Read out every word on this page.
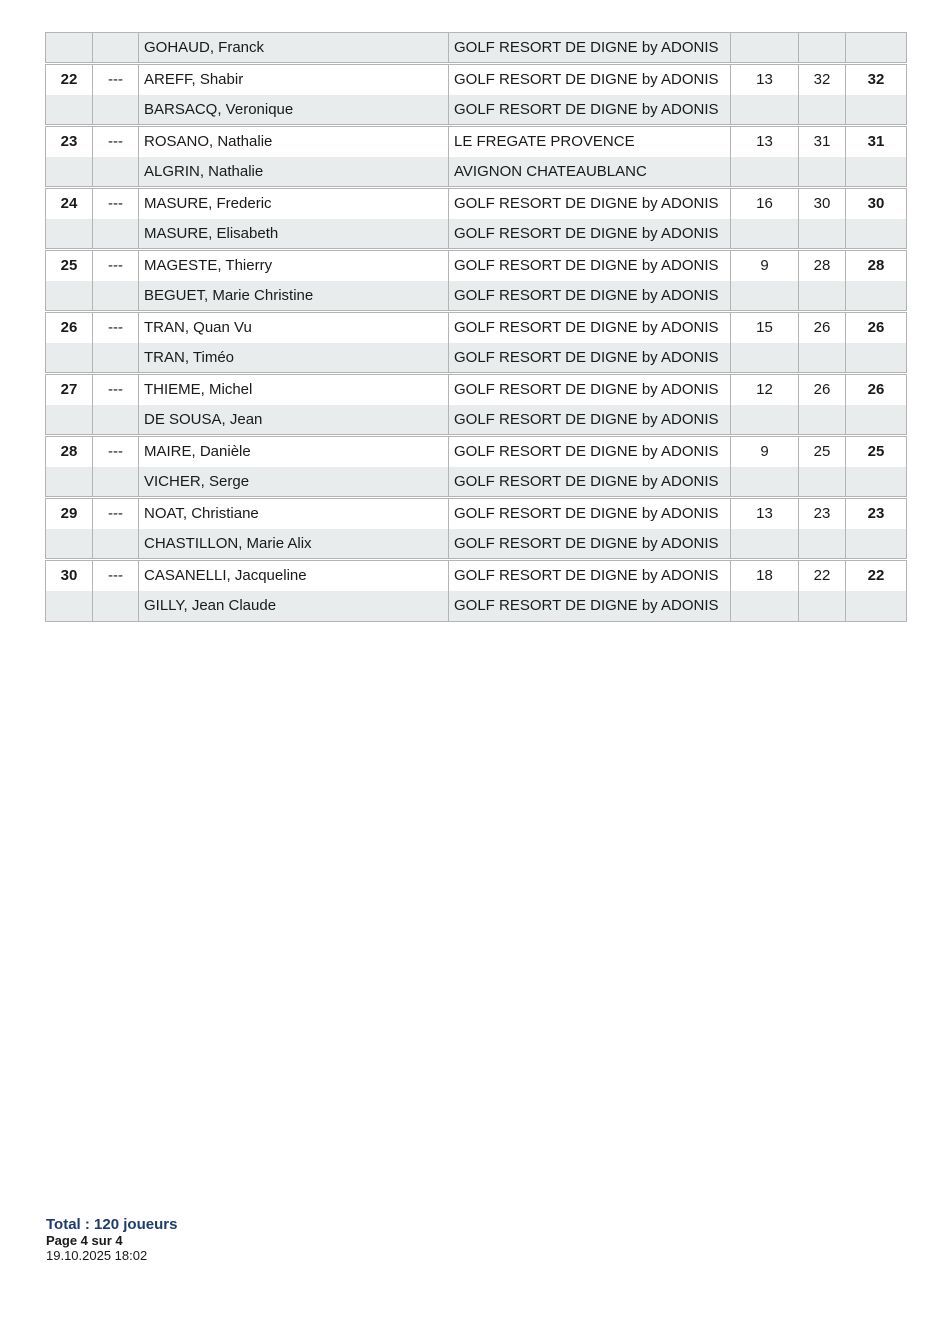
		GOHAUD, Franck	GOLF RESORT DE DIGNE by ADONIS			
22	---	AREFF, Shabir	GOLF RESORT DE DIGNE by ADONIS	13	32	32
		BARSACQ, Veronique	GOLF RESORT DE DIGNE by ADONIS			
23	---	ROSANO, Nathalie	LE FREGATE PROVENCE	13	31	31
		ALGRIN, Nathalie	AVIGNON CHATEAUBLANC			
24	---	MASURE, Frederic	GOLF RESORT DE DIGNE by ADONIS	16	30	30
		MASURE, Elisabeth	GOLF RESORT DE DIGNE by ADONIS			
25	---	MAGESTE, Thierry	GOLF RESORT DE DIGNE by ADONIS	9	28	28
		BEGUET, Marie Christine	GOLF RESORT DE DIGNE by ADONIS			
26	---	TRAN, Quan Vu	GOLF RESORT DE DIGNE by ADONIS	15	26	26
		TRAN, Timéo	GOLF RESORT DE DIGNE by ADONIS			
27	---	THIEME, Michel	GOLF RESORT DE DIGNE by ADONIS	12	26	26
		DE SOUSA, Jean	GOLF RESORT DE DIGNE by ADONIS			
28	---	MAIRE, Danièle	GOLF RESORT DE DIGNE by ADONIS	9	25	25
		VICHER, Serge	GOLF RESORT DE DIGNE by ADONIS			
29	---	NOAT, Christiane	GOLF RESORT DE DIGNE by ADONIS	13	23	23
		CHASTILLON, Marie Alix	GOLF RESORT DE DIGNE by ADONIS			
30	---	CASANELLI, Jacqueline	GOLF RESORT DE DIGNE by ADONIS	18	22	22
		GILLY, Jean Claude	GOLF RESORT DE DIGNE by ADONIS			
Total : 120 joueurs
Page 4 sur 4
19.10.2025 18:02
